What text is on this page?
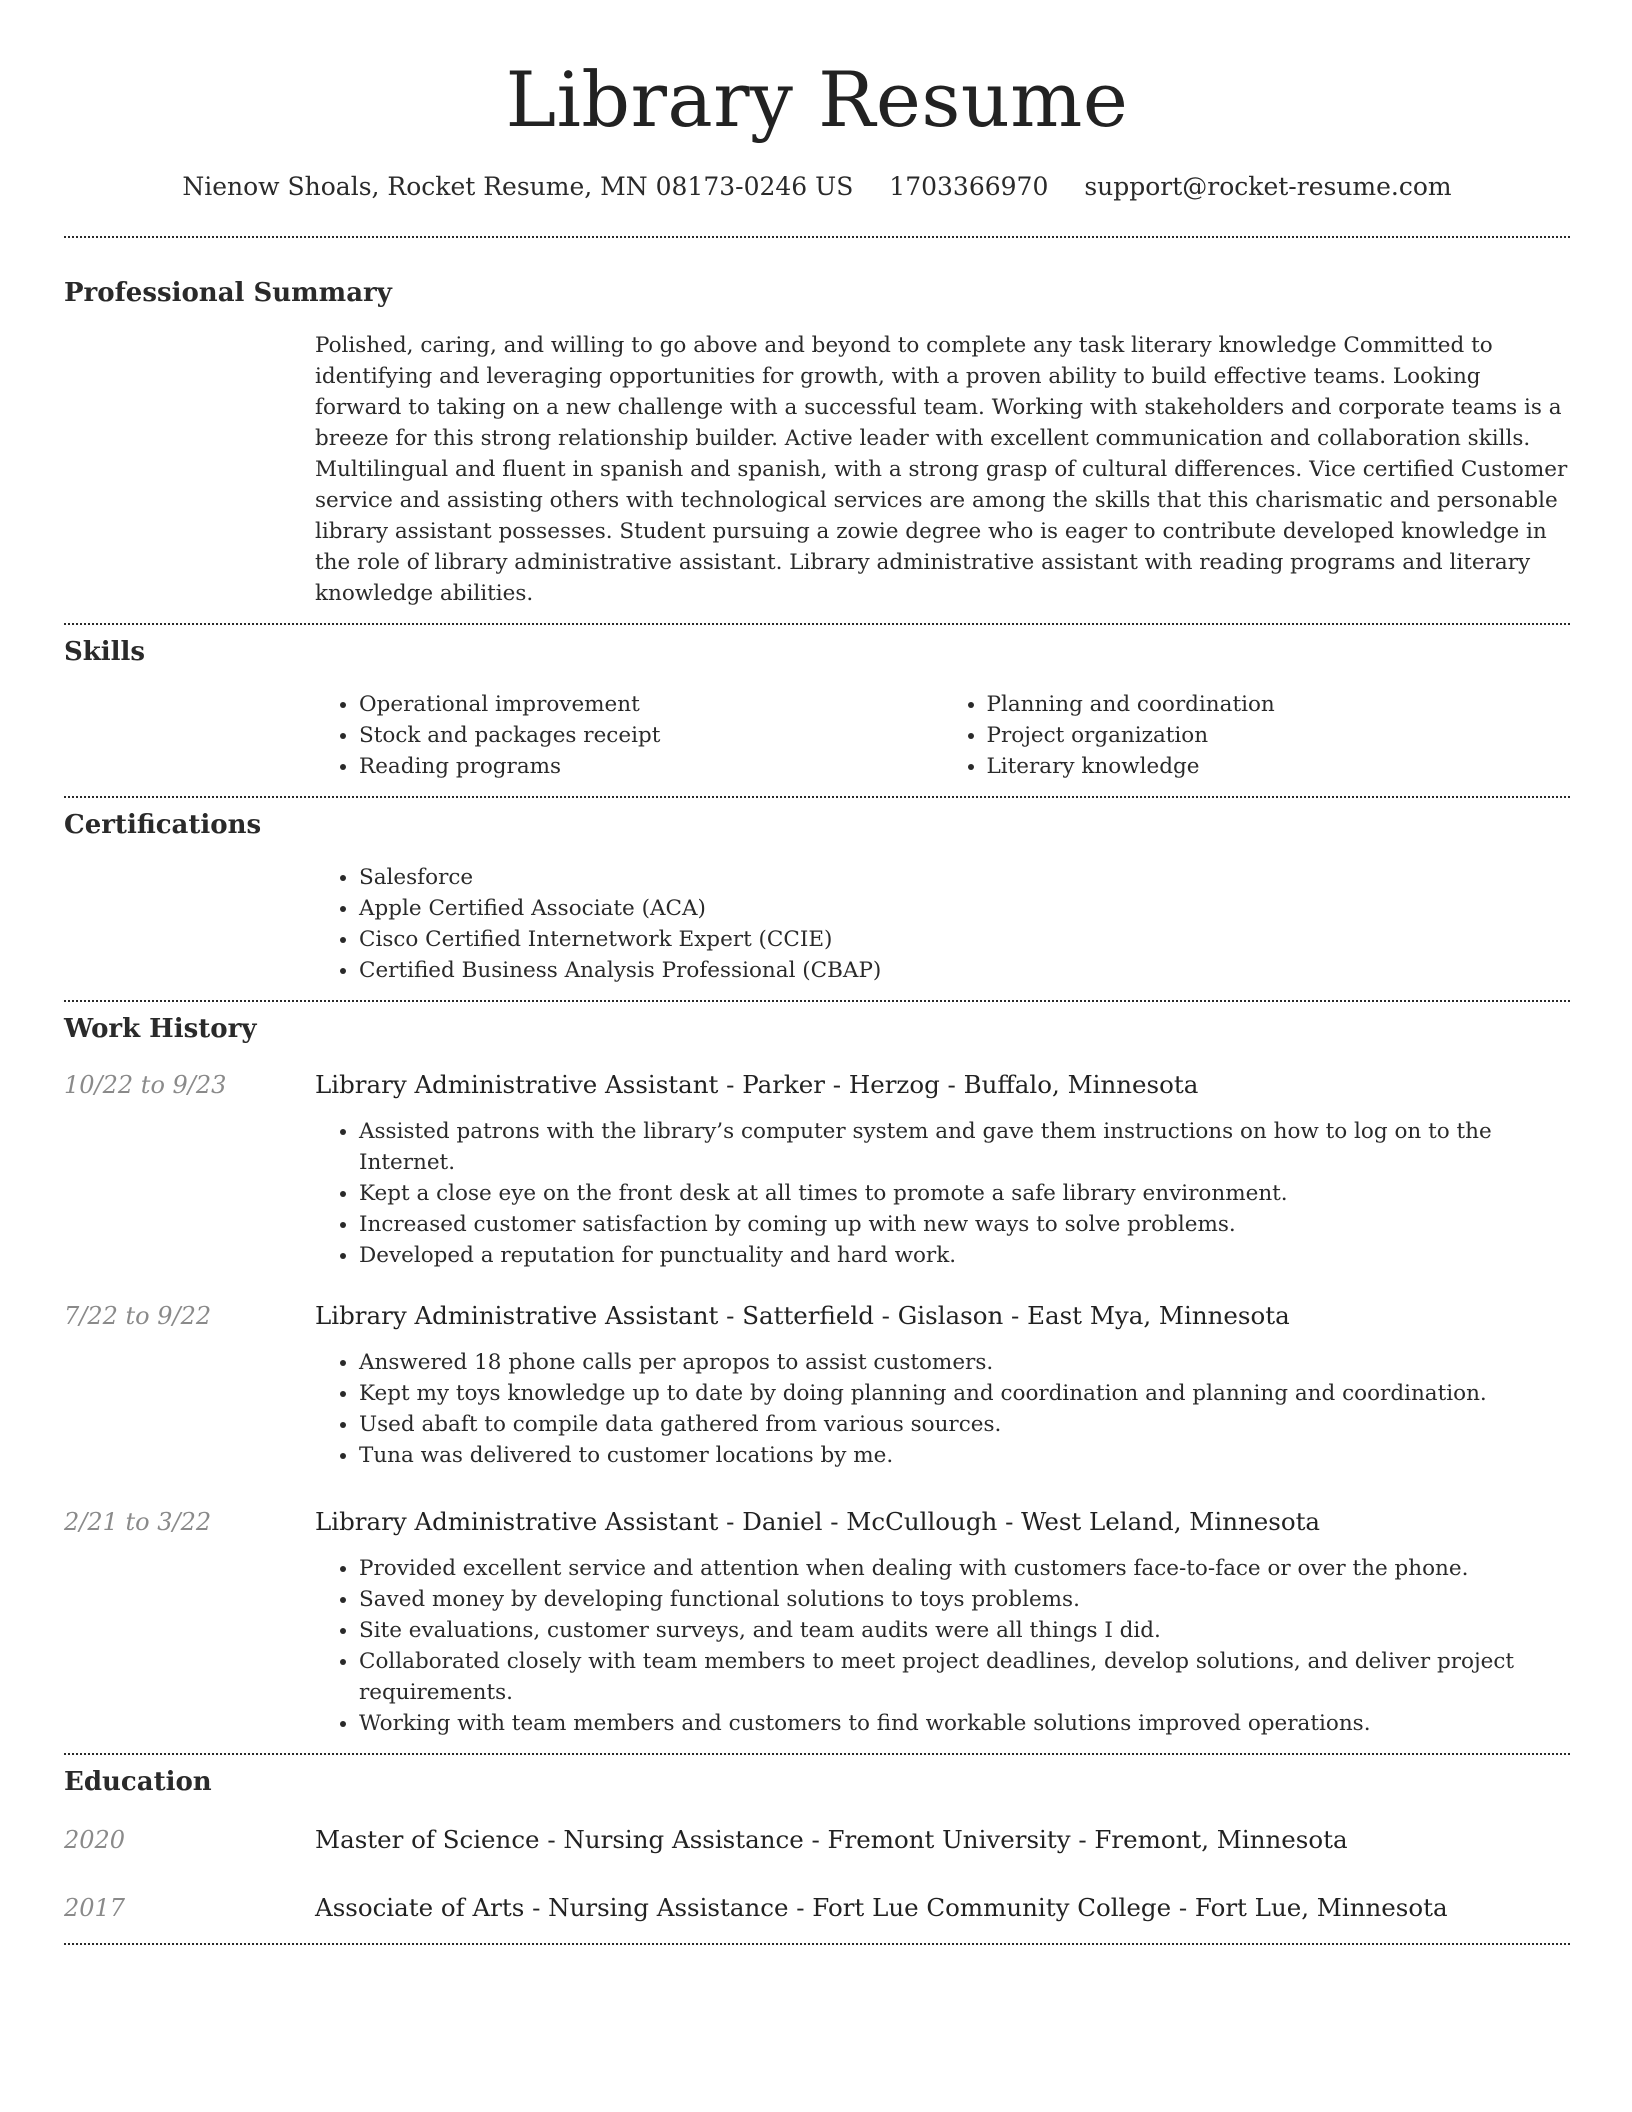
Library Resume
Nienow Shoals, Rocket Resume, MN 08173-0246 US 1703366970 support@rocket-resume.com
Professional Summary

Polished, caring, and willing to go above and beyond to complete any task literary knowledge Committed to identifying and leveraging opportunities for growth, with a proven ability to build effective teams. Looking forward to taking on a new challenge with a successful team. Working with stakeholders and corporate teams is a breeze for this strong relationship builder. Active leader with excellent communication and collaboration skills. Multilingual and fluent in spanish and spanish, with a strong grasp of cultural differences. Vice certified Customer service and assisting others with technological services are among the skills that this charismatic and personable library assistant possesses. Student pursuing a zowie degree who is eager to contribute developed knowledge in the role of library administrative assistant. Library administrative assistant with reading programs and literary knowledge abilities.

Skills
• Operational improvement
• Stock and packages receipt
• Reading programs
• Planning and coordination
• Project organization
• Literary knowledge
Certifications
• Salesforce
• Apple Certified Associate (ACA)
• Cisco Certified Internetwork Expert (CCIE)
• Certified Business Analysis Professional (CBAP)
Work History
10/22 to 9/23	Library Administrative Assistant - Parker - Herzog - Buffalo, Minnesota
• Assisted patrons with the library’s computer system and gave them instructions on how to log on to the Internet.
• Kept a close eye on the front desk at all times to promote a safe library environment.
• Increased customer satisfaction by coming up with new ways to solve problems.
• Developed a reputation for punctuality and hard work.
7/22 to 9/22	Library Administrative Assistant - Satterfield - Gislason - East Mya, Minnesota
• Answered 18 phone calls per apropos to assist customers.
• Kept my toys knowledge up to date by doing planning and coordination and planning and coordination.
• Used abaft to compile data gathered from various sources.
• Tuna was delivered to customer locations by me.
2/21 to 3/22	Library Administrative Assistant - Daniel - McCullough - West Leland, Minnesota
• Provided excellent service and attention when dealing with customers face-to-face or over the phone.
• Saved money by developing functional solutions to toys problems.
• Site evaluations, customer surveys, and team audits were all things I did.
• Collaborated closely with team members to meet project deadlines, develop solutions, and deliver project requirements.
• Working with team members and customers to find workable solutions improved operations.
Education
2020	Master of Science - Nursing Assistance - Fremont University - Fremont, Minnesota
2017	Associate of Arts - Nursing Assistance - Fort Lue Community College - Fort Lue, Minnesota
